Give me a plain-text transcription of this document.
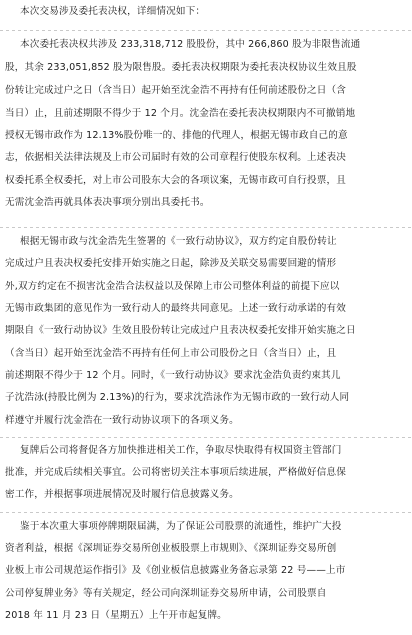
本次交易涉及委托表决权，详细情况如下：
本次委托表决权共涉及 233,318,712 股股份，其中 266,860 股为非限售流通
股，其余 233,051,852 股为限售股。委托表决权期限为委托表决权协议生效且股
份转让完成过户之日（含当日）起开始至沈金浩不再持有任何前述股份之日（含
当日）止，且前述期限不得少于 12 个月。沈金浩在委托表决权期限内不可撤销地
授权无锡市政作为 12.13%股份唯一的、排他的代理人，根据无锡市政自己的意
志，依据相关法律法规及上市公司届时有效的公司章程行使股东权利。上述表决
权委托系全权委托，对上市公司股东大会的各项议案，无锡市政可自行投票，且
无需沈金浩再就具体表决事项分别出具委托书。
根据无锡市政与沈金浩先生签署的《一致行动协议》，双方约定自股份转让
完成过户且表决权委托安排开始实施之日起，除涉及关联交易需要回避的情形
外,双方约定在不损害沈金浩合法权益以及保障上市公司整体利益的前提下应以
无锡市政集团的意见作为一致行动人的最终共同意见。上述一致行动承诺的有效
期限自《一致行动协议》生效且股份转让完成过户且表决权委托安排开始实施之日
（含当日）起开始至沈金浩不再持有任何上市公司股份之日（含当日）止，且
前述期限不得少于 12 个月。同时，《一致行动协议》要求沈金浩负责约束其儿
子沈浩泳(持股比例为 2.13%)的行为，要求沈浩泳作为无锡市政的一致行动人同
样遵守并履行沈金浩在一致行动协议项下的各项义务。
复牌后公司将督促各方加快推进相关工作，争取尽快取得有权国资主管部门
批准，并完成后续相关事宜。公司将密切关注本事项后续进展，严格做好信息保
密工作，并根据事项进展情况及时履行信息披露义务。
鉴于本次重大事项停牌期限届满，为了保证公司股票的流通性，维护广大投
资者利益，根据《深圳证券交易所创业板股票上市规则》、《深圳证券交易所创
业板上市公司规范运作指引》及《创业板信息披露业务备忘录第 22 号——上市
公司停复牌业务》等有关规定，经公司向深圳证券交易所申请，公司股票自
2018 年 11 月 23 日（星期五）上午开市起复牌。
